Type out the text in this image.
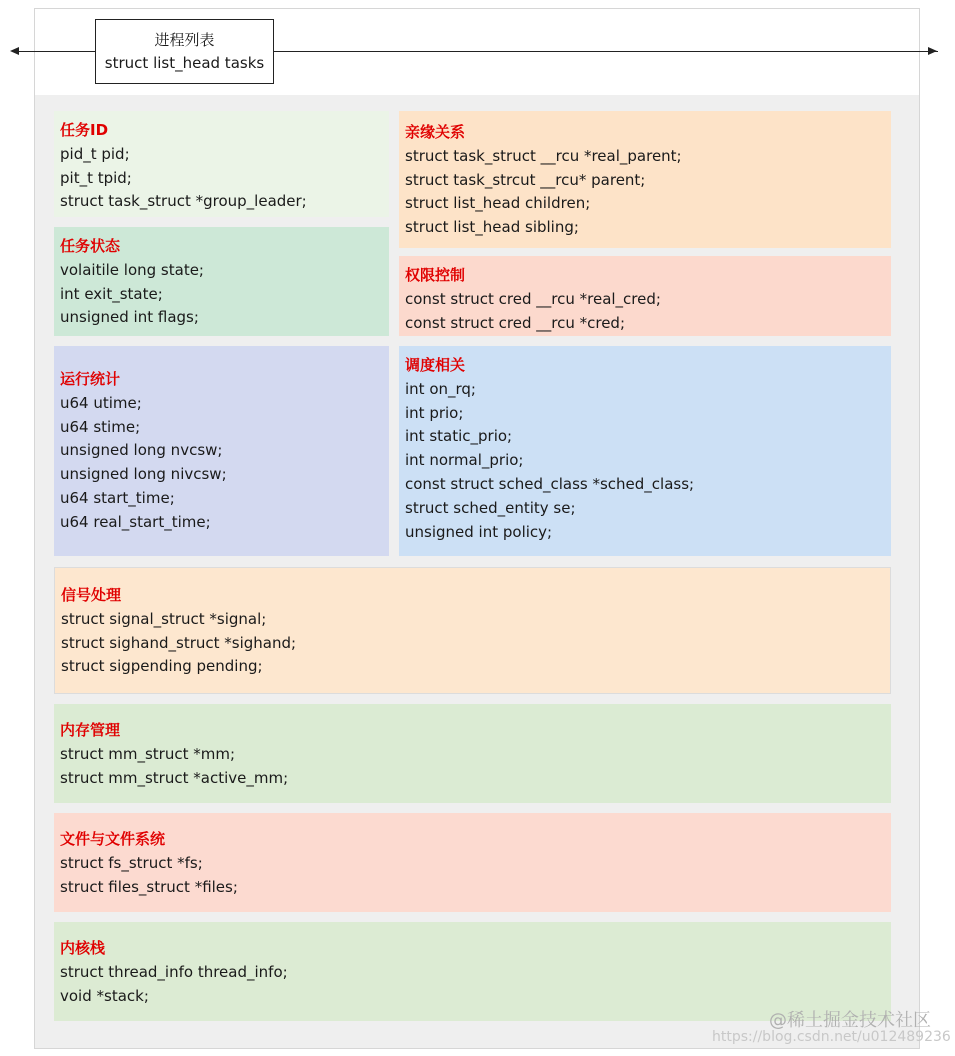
进程列表
struct list_head tasks
任务ID
pid_t pid;
pit_t tpid;
struct task_struct *group_leader;
任务状态
volaitile long state;
int exit_state;
unsigned int flags;
亲缘关系
struct task_struct __rcu *real_parent;
struct task_strcut __rcu* parent;
struct list_head children;
struct list_head sibling;
权限控制
const struct cred __rcu *real_cred;
const struct cred __rcu *cred;
运行统计
u64 utime;
u64 stime;
unsigned long nvcsw;
unsigned long nivcsw;
u64 start_time;
u64 real_start_time;
调度相关
int on_rq;
int prio;
int static_prio;
int normal_prio;
const struct sched_class *sched_class;
struct sched_entity se;
unsigned int policy;
信号处理
struct signal_struct *signal;
struct sighand_struct *sighand;
struct sigpending pending;
内存管理
struct mm_struct *mm;
struct mm_struct *active_mm;
文件与文件系统
struct fs_struct *fs;
struct files_struct *files;
内核栈
struct thread_info thread_info;
void *stack;
@稀土掘金技术社区
https://blog.csdn.net/u012489236
